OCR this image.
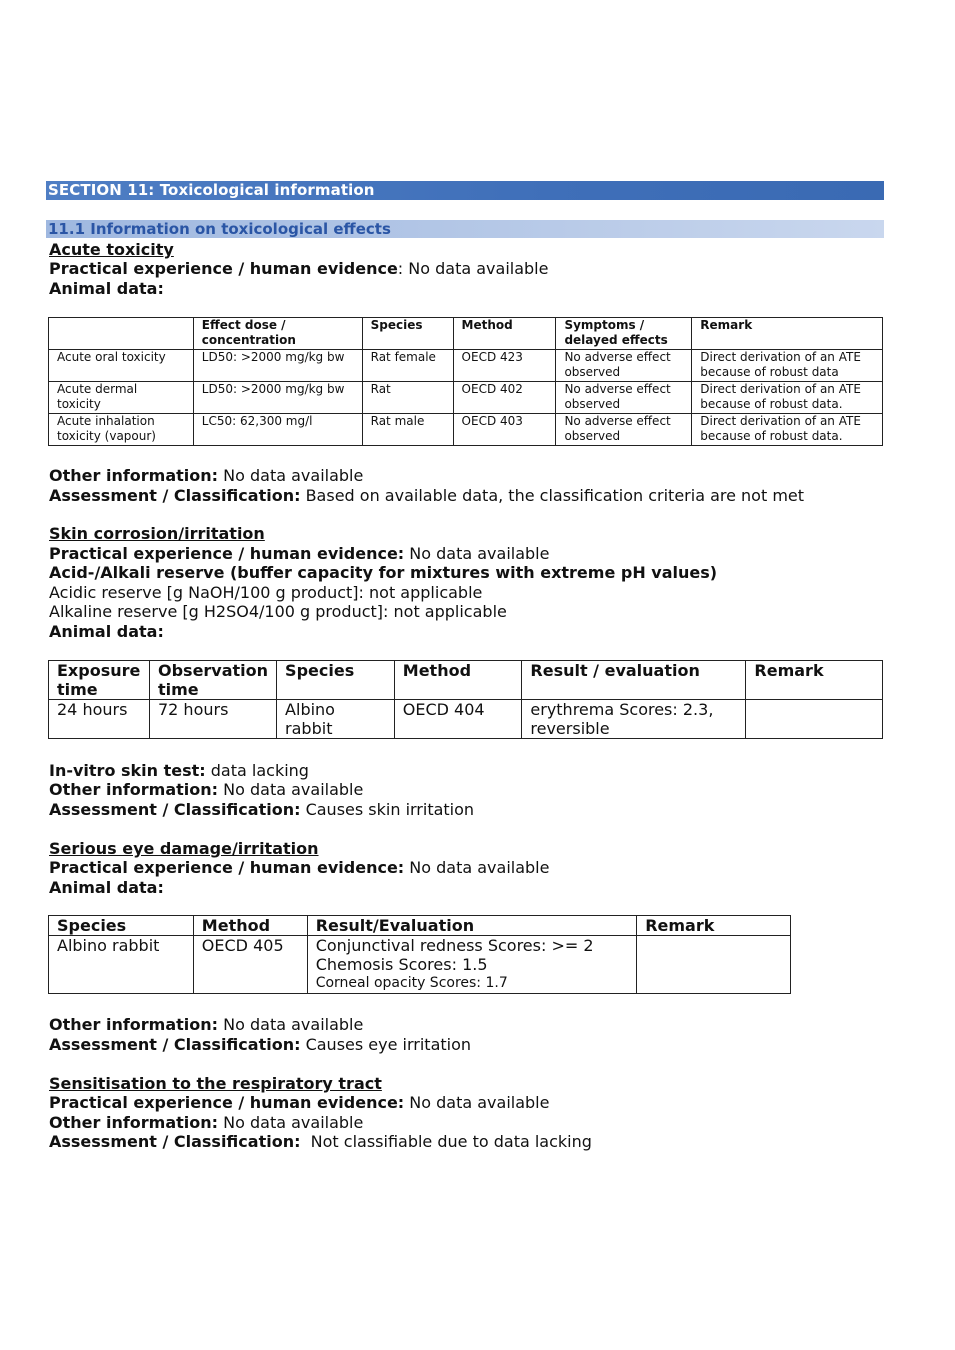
SECTION 11: Toxicological information
11.1 Information on toxicological effects
Acute toxicity
Practical experience / human evidence: No data available
Animal data:
	Effect dose / concentration	Species	Method	Symptoms / delayed effects	Remark
Acute oral toxicity	LD50: >2000 mg/kg bw	Rat female	OECD 423	No adverse effect observed	Direct derivation of an ATE because of robust data
Acute dermal toxicity	LD50: >2000 mg/kg bw	Rat	OECD 402	No adverse effect observed	Direct derivation of an ATE because of robust data.
Acute inhalation toxicity (vapour)	LC50: 62,300 mg/l	Rat male	OECD 403	No adverse effect observed	Direct derivation of an ATE because of robust data.
Other information: No data available
Assessment / Classification: Based on available data, the classification criteria are not met
Skin corrosion/irritation
Practical experience / human evidence: No data available
Acid-/Alkali reserve (buffer capacity for mixtures with extreme pH values)
Acidic reserve [g NaOH/100 g product]: not applicable
Alkaline reserve [g H2SO4/100 g product]: not applicable
Animal data:
Exposure time	Observation time	Species	Method	Result / evaluation	Remark
24 hours	72 hours	Albino rabbit	OECD 404	erythrema Scores: 2.3, reversible	
In-vitro skin test: data lacking
Other information: No data available
Assessment / Classification: Causes skin irritation
Serious eye damage/irritation
Practical experience / human evidence: No data available
Animal data:
Species	Method	Result/Evaluation	Remark
Albino rabbit	OECD 405	Conjunctival redness Scores: >= 2
Chemosis Scores: 1.5
Corneal opacity Scores: 1.7	

Other information: No data available
Assessment / Classification: Causes eye irritation
Sensitisation to the respiratory tract
Practical experience / human evidence: No data available
Other information: No data available
Assessment / Classification:  Not classifiable due to data lacking
